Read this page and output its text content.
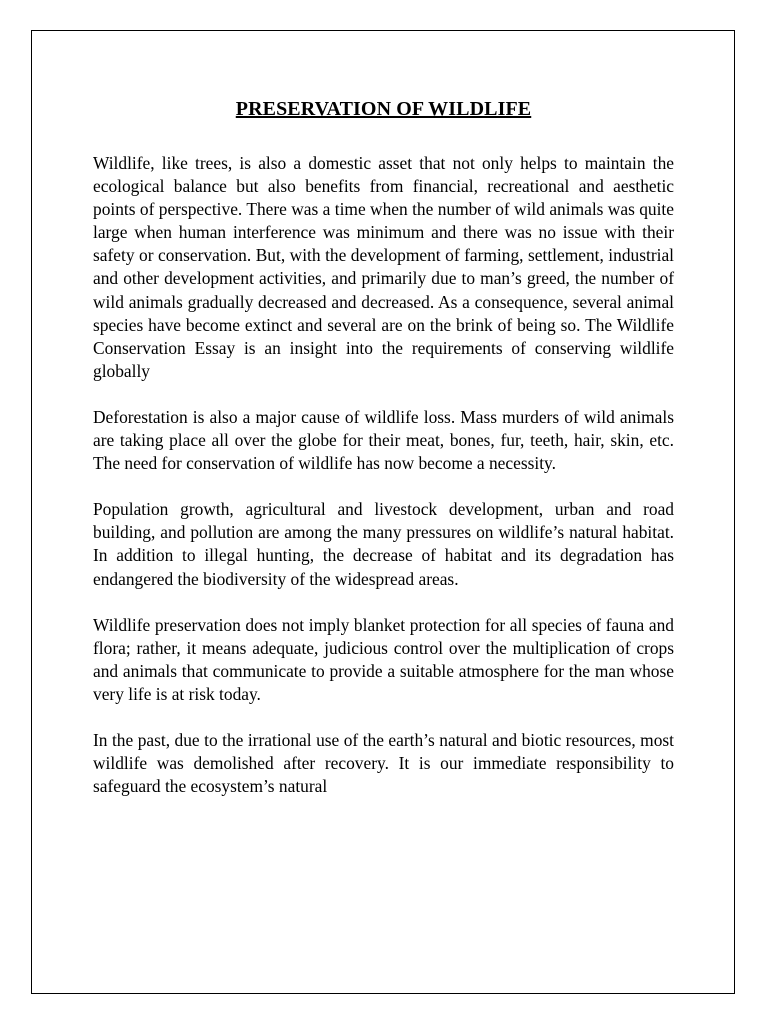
PRESERVATION OF WILDLIFE

Wildlife, like trees, is also a domestic asset that not only helps to maintain the ecological balance but also benefits from financial, recreational and aesthetic points of perspective. There was a time when the number of wild animals was quite large when human interference was minimum and there was no issue with their safety or conservation. But, with the development of farming, settlement, industrial and other development activities, and primarily due to man’s greed, the number of wild animals gradually decreased and decreased. As a consequence, several animal species have become extinct and several are on the brink of being so. The Wildlife Conservation Essay is an insight into the requirements of conserving wildlife globally

Deforestation is also a major cause of wildlife loss. Mass murders of wild animals are taking place all over the globe for their meat, bones, fur, teeth, hair, skin, etc. The need for conservation of wildlife has now become a necessity.

Population growth, agricultural and livestock development, urban and road building, and pollution are among the many pressures on wildlife’s natural habitat. In addition to illegal hunting, the decrease of habitat and its degradation has endangered the biodiversity of the widespread areas.

Wildlife preservation does not imply blanket protection for all species of fauna and flora; rather, it means adequate, judicious control over the multiplication of crops and animals that communicate to provide a suitable atmosphere for the man whose very life is at risk today.

In the past, due to the irrational use of the earth’s natural and biotic resources, most wildlife was demolished after recovery. It is our immediate responsibility to safeguard the ecosystem’s natural
